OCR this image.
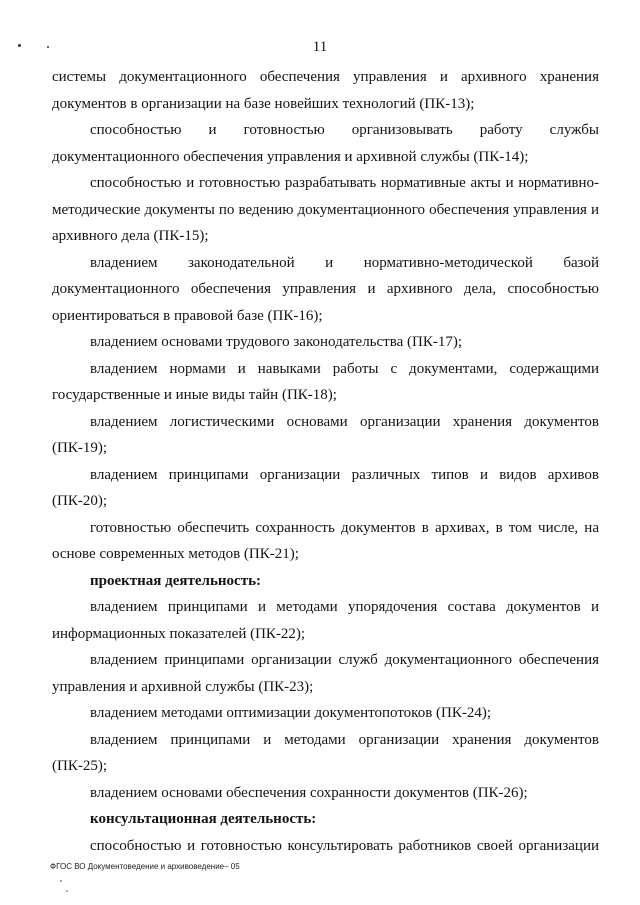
11

системы документационного обеспечения управления и архивного хранения документов в организации на базе новейших технологий (ПК-13);

способностью и готовностью организовывать работу службы документационного обеспечения управления и архивной службы (ПК-14);

способностью и готовностью разрабатывать нормативные акты и нормативно-методические документы по ведению документационного обеспечения управления и архивного дела (ПК-15);

владением законодательной и нормативно-методической базой документационного обеспечения управления и архивного дела, способностью ориентироваться в правовой базе (ПК-16);

владением основами трудового законодательства (ПК-17);

владением нормами и навыками работы с документами, содержащими государственные и иные виды тайн (ПК-18);

владением логистическими основами организации хранения документов (ПК-19);

владением принципами организации различных типов и видов архивов (ПК-20);

готовностью обеспечить сохранность документов в архивах, в том числе, на основе современных методов (ПК-21);

проектная деятельность:

владением принципами и методами упорядочения состава документов и информационных показателей (ПК-22);

владением принципами организации служб документационного обеспечения управления и архивной службы (ПК-23);

владением методами оптимизации документопотоков (ПК-24);

владением принципами и методами организации хранения документов (ПК-25);

владением основами обеспечения сохранности документов (ПК-26);

консультационная деятельность:

способностью и готовностью консультировать работников своей организации

ФГОС ВО Документоведение и архивоведение– 05
